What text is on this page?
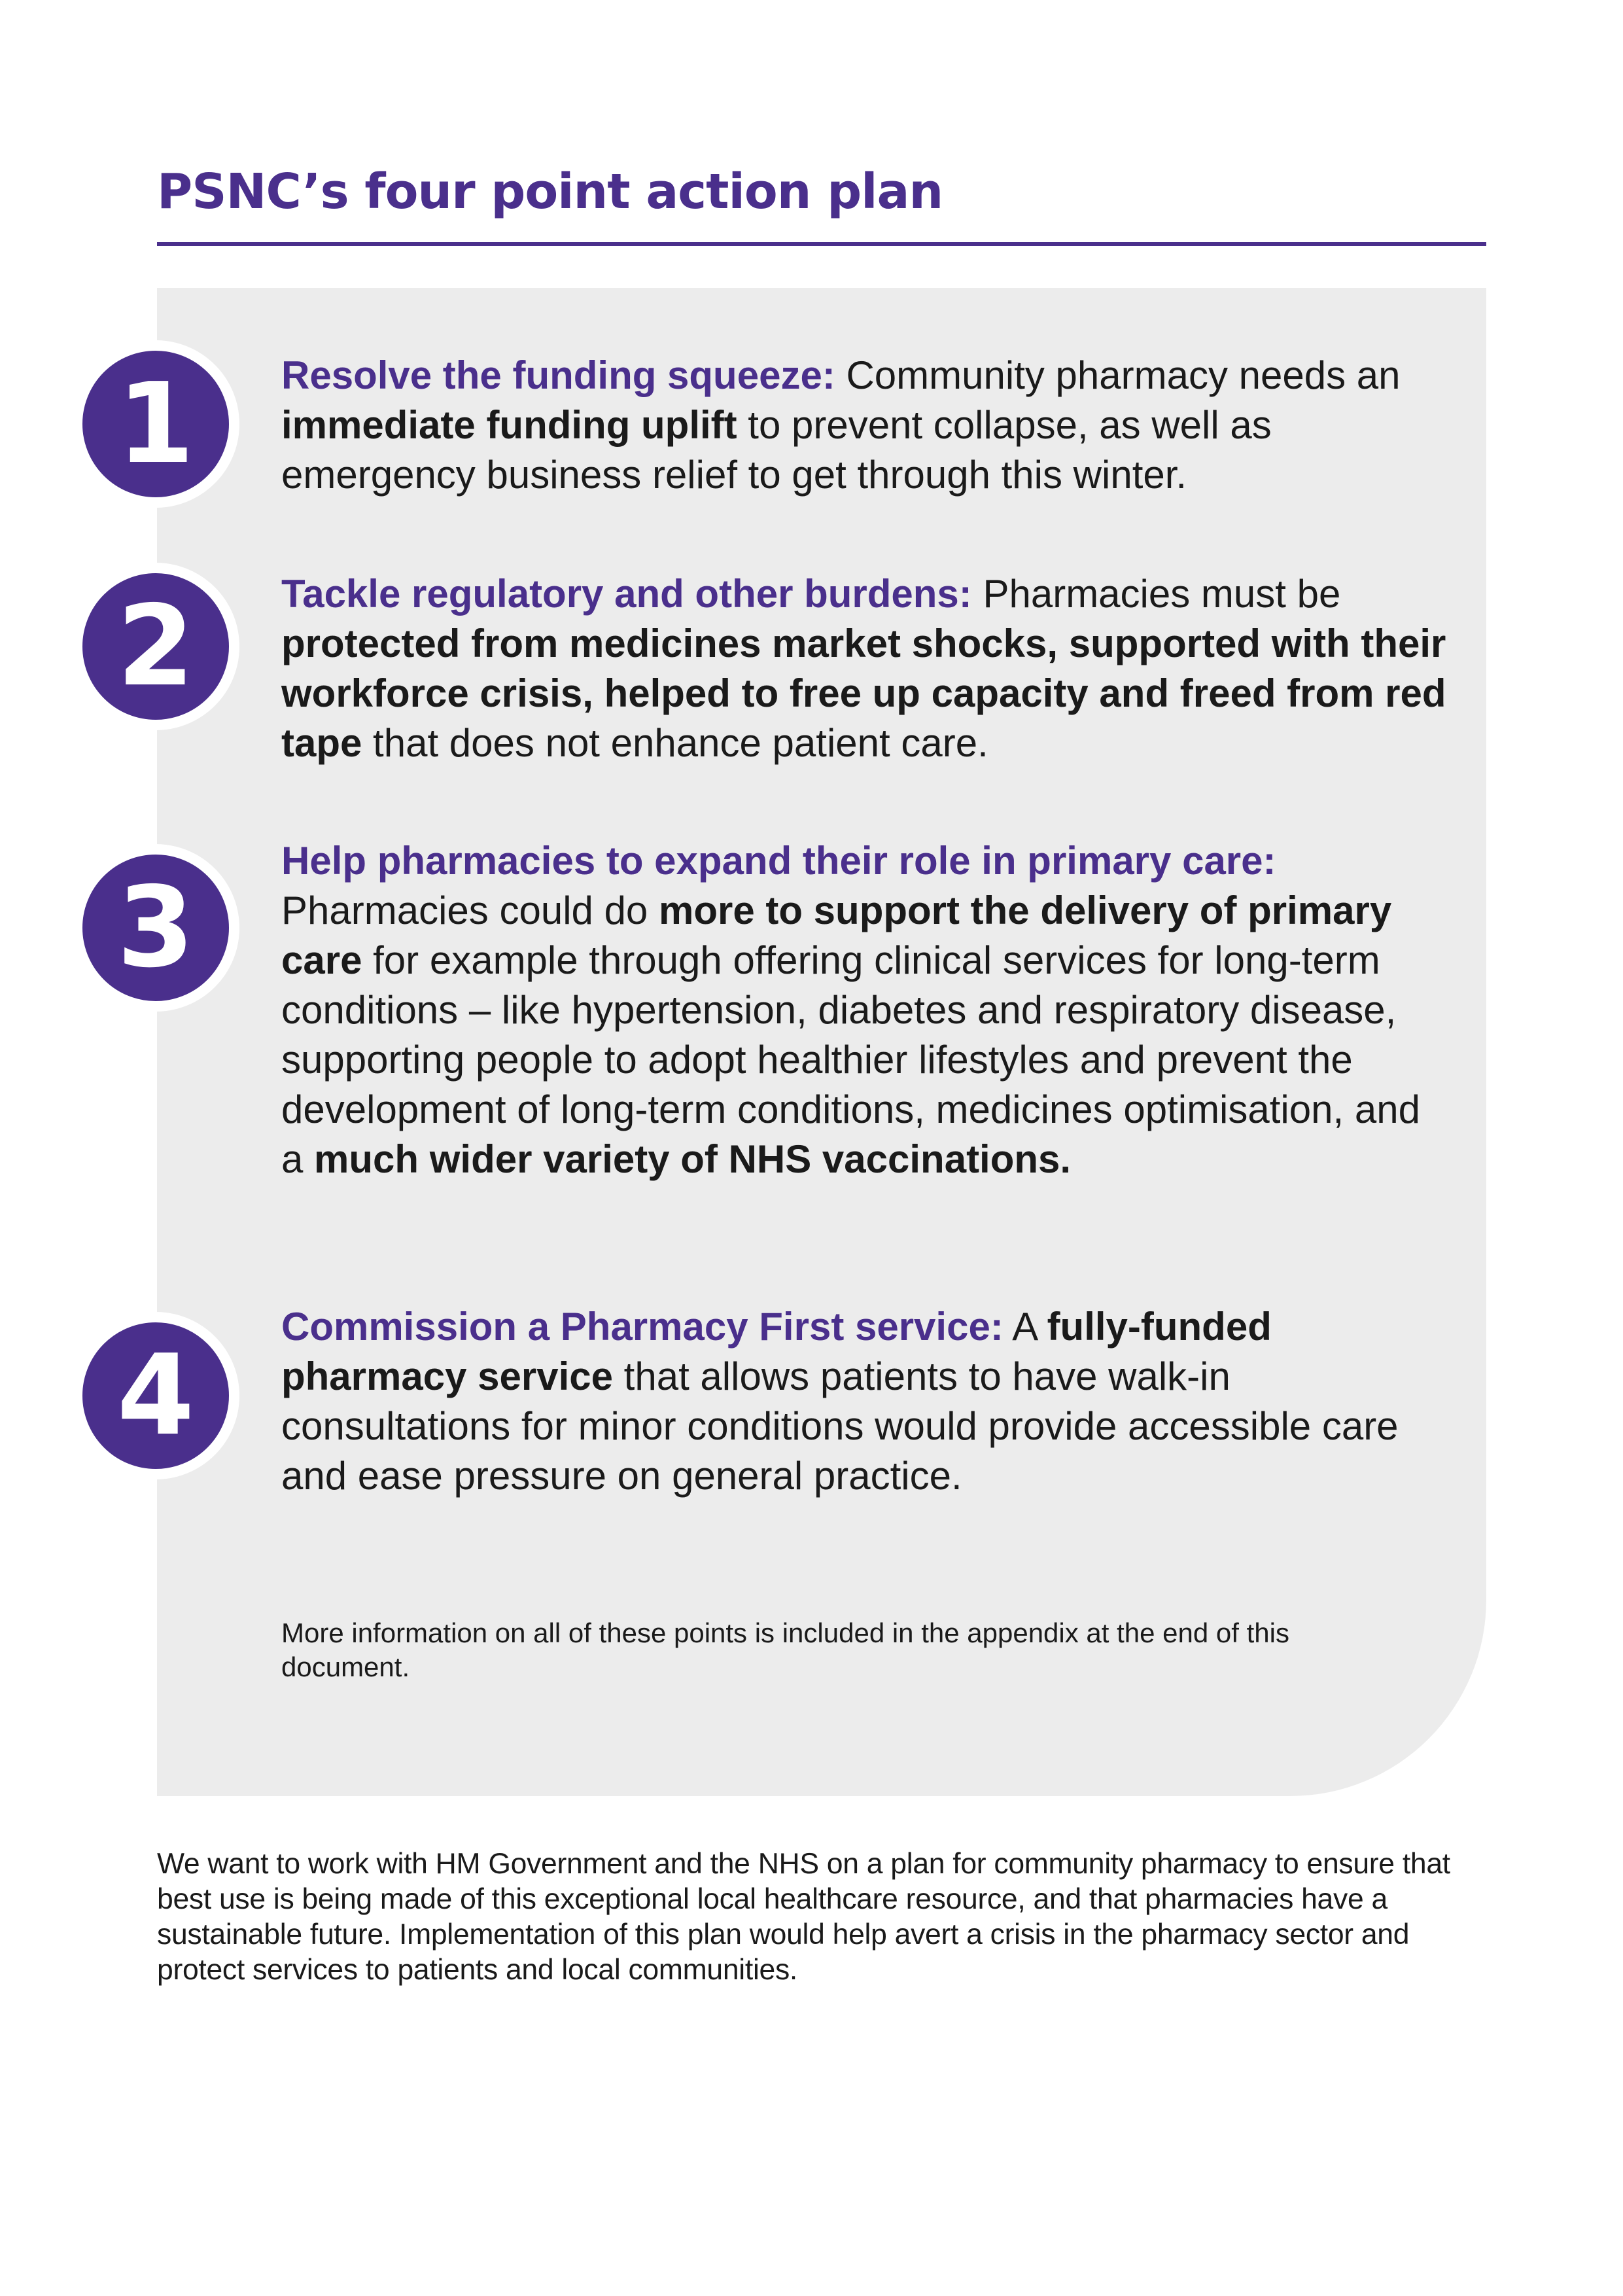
PSNC’s four point action plan
1	Resolve the funding squeeze: Community pharmacy needs an immediate funding uplift to prevent collapse, as well as emergency business relief to get through this winter.

2	Tackle regulatory and other burdens: Pharmacies must be protected from medicines market shocks, supported with their workforce crisis, helped to free up capacity and freed from red tape that does not enhance patient care.

3

Help pharmacies to expand their role in primary care: Pharmacies could do more to support the delivery of primary care for example through offering clinical services for long-term conditions – like hypertension, diabetes and respiratory disease, supporting people to adopt healthier lifestyles and prevent the development of long-term conditions, medicines optimisation, and a much wider variety of NHS vaccinations.

4

Commission a Pharmacy First service: A fully-funded pharmacy service that allows patients to have walk-in consultations for minor conditions would provide accessible care and ease pressure on general practice.

More information on all of these points is included in the appendix at the end of this document.

We want to work with HM Government and the NHS on a plan for community pharmacy to ensure that best use is being made of this exceptional local healthcare resource, and that pharmacies have a sustainable future. Implementation of this plan would help avert a crisis in the pharmacy sector and protect services to patients and local communities.
